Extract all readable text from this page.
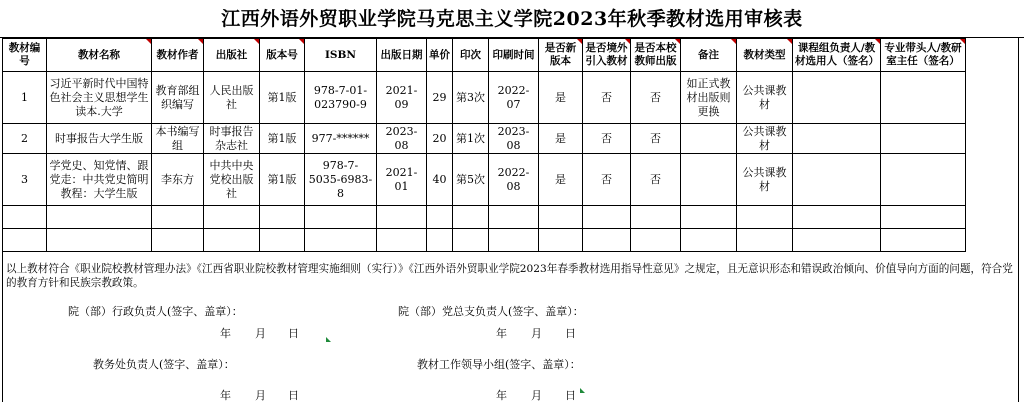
江西外语外贸职业学院马克思主义学院2023年秋季教材选用审核表
教材编号	教材名称	教材作者	出版社	版本号	ISBN	出版日期	单价	印次	印刷时间	是否新版本	是否境外引入教材	是否本校教师出版	备注	教材类型	课程组负责人/教材选用人（签名）	专业带头人/教研室主任（签名）

1	习近平新时代中国特色社会主义思想学生读本.大学	教育部组织编写	人民出版社	第1版	978-7-01-023790-9	2021-09	29	第3次	2022-07	是	否	否	如正式教材出版则更换	公共课教材		
2	时事报告大学生版	本书编写组	时事报告杂志社	第1版	977-******	2023-08	20	第1次	2023-08	是	否	否		公共课教材		
3	学党史、知党情、跟党走：中共党史简明教程：大学生版	李东方	中共中央党校出版社	第1版	978-7-5035-6983-8	2021-01	40	第5次	2022-08	是	否	否		公共课教材		

以上教材符合《职业院校教材管理办法》《江西省职业院校教材管理实施细则（实行）》《江西外语外贸职业学院2023年春季教材选用指导性意见》之规定，且无意识形态和错误政治倾向、价值导向方面的问题，符合党的教育方针和民族宗教政策。
院（部）行政负责人(签字、盖章）：	院（部）党总支负责人(签字、盖章）：
年 月 日	年 月 日
教务处负责人(签字、盖章）：	教材工作领导小组(签字、盖章）：
年 月 日	年 月 日
